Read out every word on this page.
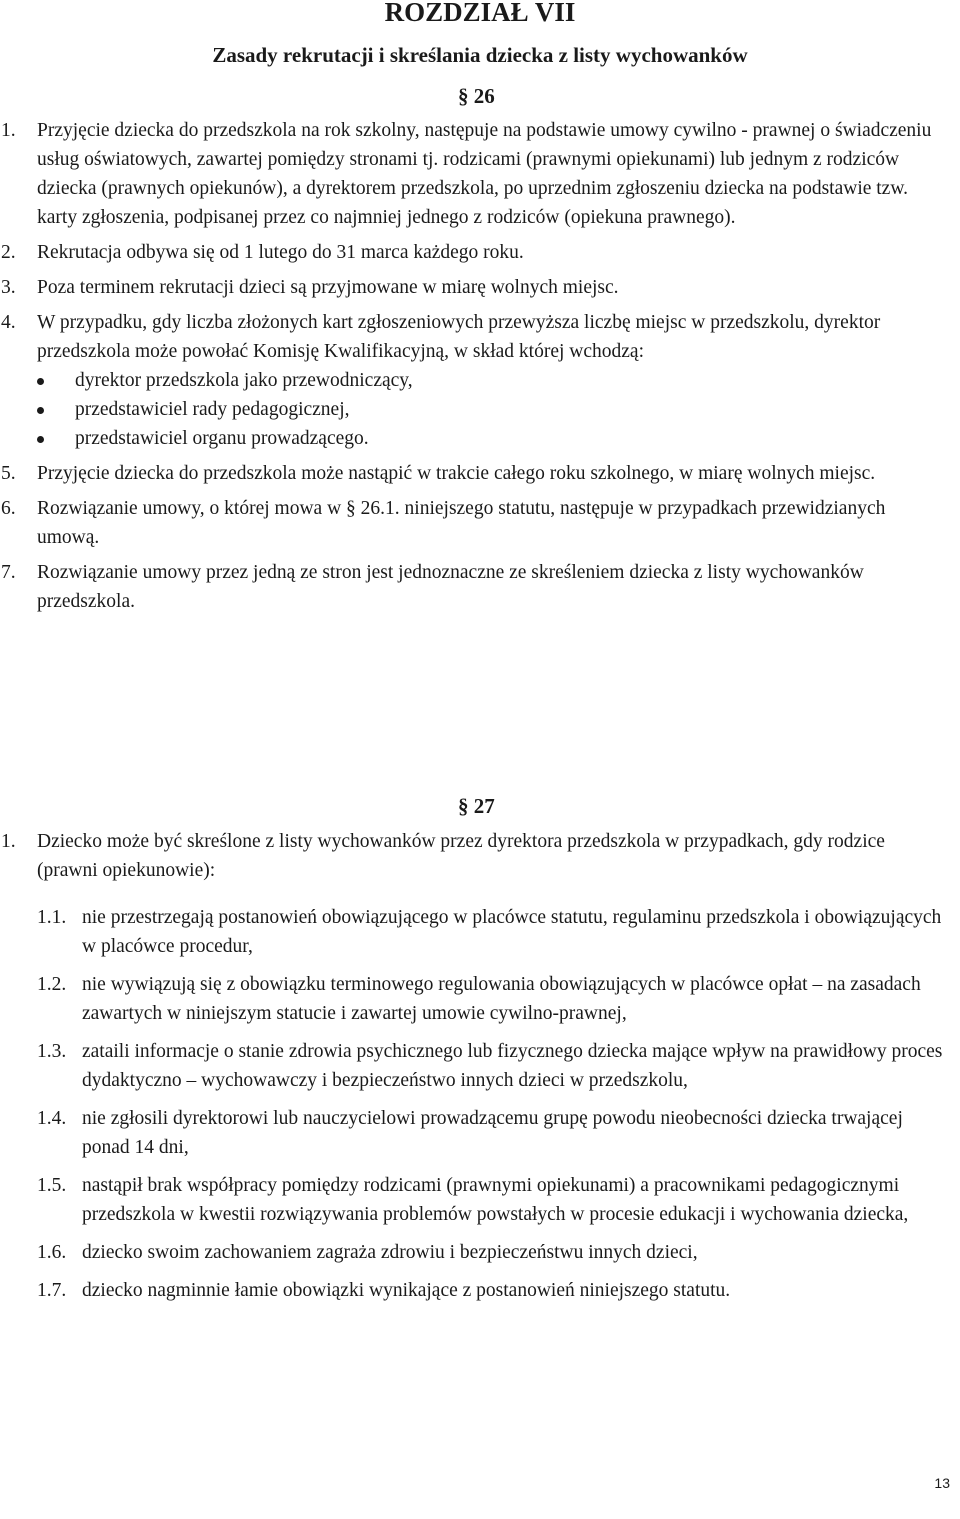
ROZDZIAŁ VII
Zasady rekrutacji i skreślania dziecka z listy wychowanków
§ 26
1.	Przyjęcie dziecka do przedszkola na rok szkolny, następuje na podstawie umowy cywilno - prawnej o świadczeniu usług oświatowych, zawartej pomiędzy stronami tj. rodzicami (prawnymi opiekunami) lub jednym z rodziców dziecka (prawnych opiekunów), a dyrektorem przedszkola, po uprzednim zgłoszeniu dziecka na podstawie tzw. karty zgłoszenia, podpisanej przez co najmniej jednego z rodziców (opiekuna prawnego).
2.	Rekrutacja odbywa się od 1 lutego do 31 marca każdego roku.
3.	Poza terminem rekrutacji dzieci są przyjmowane w miarę wolnych miejsc.
4.	W przypadku, gdy liczba złożonych kart zgłoszeniowych przewyższa liczbę miejsc w przedszkolu, dyrektor przedszkola może powołać Komisję Kwalifikacyjną, w skład której wchodzą:
dyrektor przedszkola jako przewodniczący,
przedstawiciel rady pedagogicznej,
przedstawiciel organu prowadzącego.
5.	Przyjęcie dziecka do przedszkola może nastąpić w trakcie całego roku szkolnego, w miarę wolnych miejsc.
6.	Rozwiązanie umowy, o której mowa w § 26.1. niniejszego statutu, następuje w przypadkach przewidzianych umową.
7.	Rozwiązanie umowy przez jedną ze stron jest jednoznaczne ze skreśleniem dziecka z listy wychowanków przedszkola.
§ 27
1.	Dziecko może być skreślone z listy wychowanków przez dyrektora przedszkola w przypadkach, gdy rodzice (prawni opiekunowie):
1.1. nie przestrzegają postanowień obowiązującego w placówce statutu, regulaminu przedszkola i obowiązujących w placówce procedur,
1.2. nie wywiązują się z obowiązku terminowego regulowania obowiązujących w placówce opłat – na zasadach zawartych w niniejszym statucie i zawartej umowie cywilno-prawnej,
1.3. zataili informacje o stanie zdrowia psychicznego lub fizycznego dziecka mające wpływ na prawidłowy proces dydaktyczno – wychowawczy i bezpieczeństwo innych dzieci w przedszkolu,
1.4. nie zgłosili dyrektorowi lub nauczycielowi prowadzącemu grupę powodu nieobecności dziecka trwającej ponad 14 dni,
1.5. nastąpił brak współpracy pomiędzy rodzicami (prawnymi opiekunami) a pracownikami pedagogicznymi przedszkola w kwestii rozwiązywania problemów powstałych w procesie edukacji i wychowania dziecka,
1.6. dziecko swoim zachowaniem zagraża zdrowiu i bezpieczeństwu innych dzieci,
1.7. dziecko nagminnie łamie obowiązki wynikające z postanowień niniejszego statutu.
13
